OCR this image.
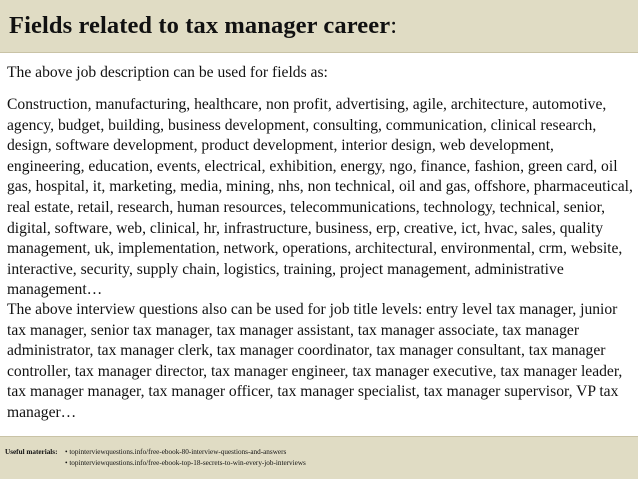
Fields related to tax manager career:
The above job description can be used for fields as:
Construction, manufacturing, healthcare, non profit, advertising, agile, architecture, automotive, agency, budget, building, business development, consulting, communication, clinical research, design, software development, product development, interior design, web development, engineering, education, events, electrical, exhibition, energy, ngo, finance, fashion, green card, oil gas, hospital, it, marketing, media, mining, nhs, non technical, oil and gas, offshore, pharmaceutical, real estate, retail, research, human resources, telecommunications, technology, technical, senior, digital, software, web, clinical, hr, infrastructure, business, erp, creative, ict, hvac, sales, quality management, uk, implementation, network, operations, architectural, environmental, crm, website, interactive, security, supply chain, logistics, training, project management, administrative management…
The above interview questions also can be used for job title levels: entry level tax manager, junior tax manager, senior tax manager, tax manager assistant, tax manager associate, tax manager administrator, tax manager clerk, tax manager coordinator, tax manager consultant, tax manager controller, tax manager director, tax manager engineer, tax manager executive, tax manager leader, tax manager manager, tax manager officer, tax manager specialist, tax manager supervisor, VP tax manager…
Useful materials: • topinterviewquestions.info/free-ebook-80-interview-questions-and-answers
• topinterviewquestions.info/free-ebook-top-18-secrets-to-win-every-job-interviews
